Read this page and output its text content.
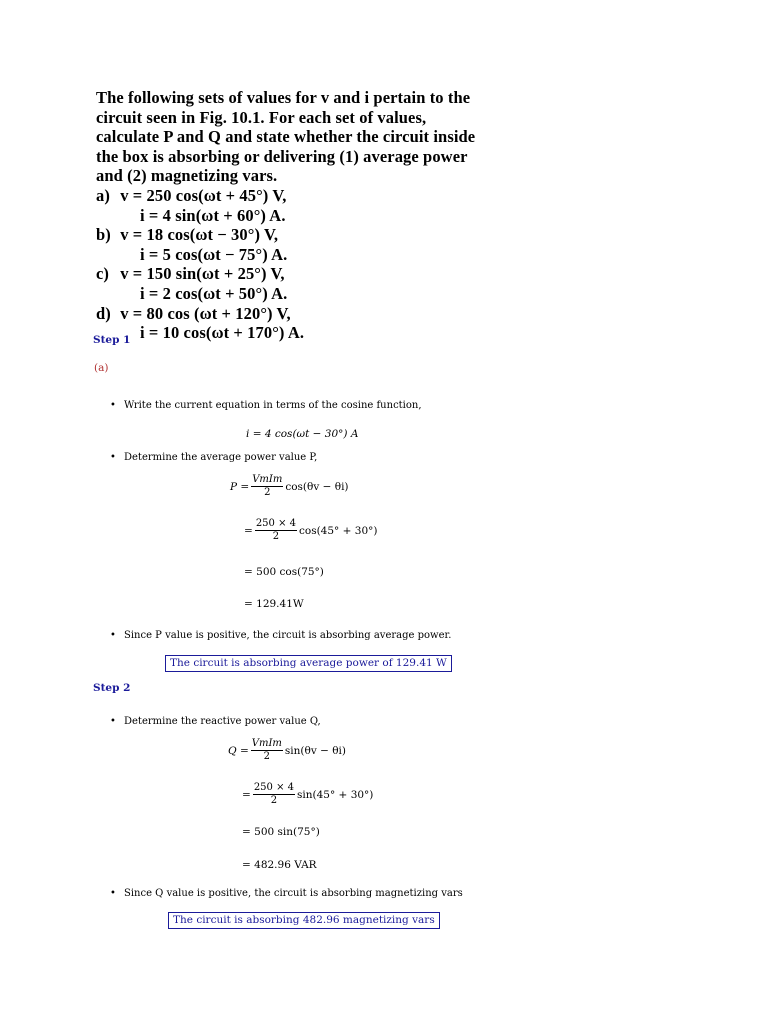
The following sets of values for v and i pertain to the circuit seen in Fig. 10.1. For each set of values, calculate P and Q and state whether the circuit inside the box is absorbing or delivering (1) average power and (2) magnetizing vars.

a) v = 250 cos(ωt + 45°) V,
i = 4 sin(ωt + 60°) A.
b) v = 18 cos(ωt − 30°) V,
i = 5 cos(ωt − 75°) A.
c) v = 150 sin(ωt + 25°) V,
i = 2 cos(ωt + 50°) A.
d) v = 80 cos (ωt + 120°) V,
i = 10 cos(ωt + 170°) A.
Step 1
(a)
• Write the current equation in terms of the cosine function,
i = 4 cos(ωt − 30°) A
• Determine the average power value P,
$P = \frac{\text{VmIm}}{2} \cos(\theta v - \theta i)$
= $\frac{250 \times 4}{2} \cos(45^\circ + 30^\circ)$
= 500 cos(75°)
= 129.41W
• Since P value is positive, the circuit is absorbing average power.
The circuit is absorbing average power of 129.41 W
Step 2
• Determine the reactive power value Q,
$Q = \frac{\text{VmIm}}{2} \sin(\theta v - \theta i)$
= $\frac{250 \times 4}{2} \sin(45^\circ + 30^\circ)$
= 500 sin(75°)
= 482.96 VAR
• Since Q value is positive, the circuit is absorbing magnetizing vars
The circuit is absorbing 482.96 magnetizing vars
